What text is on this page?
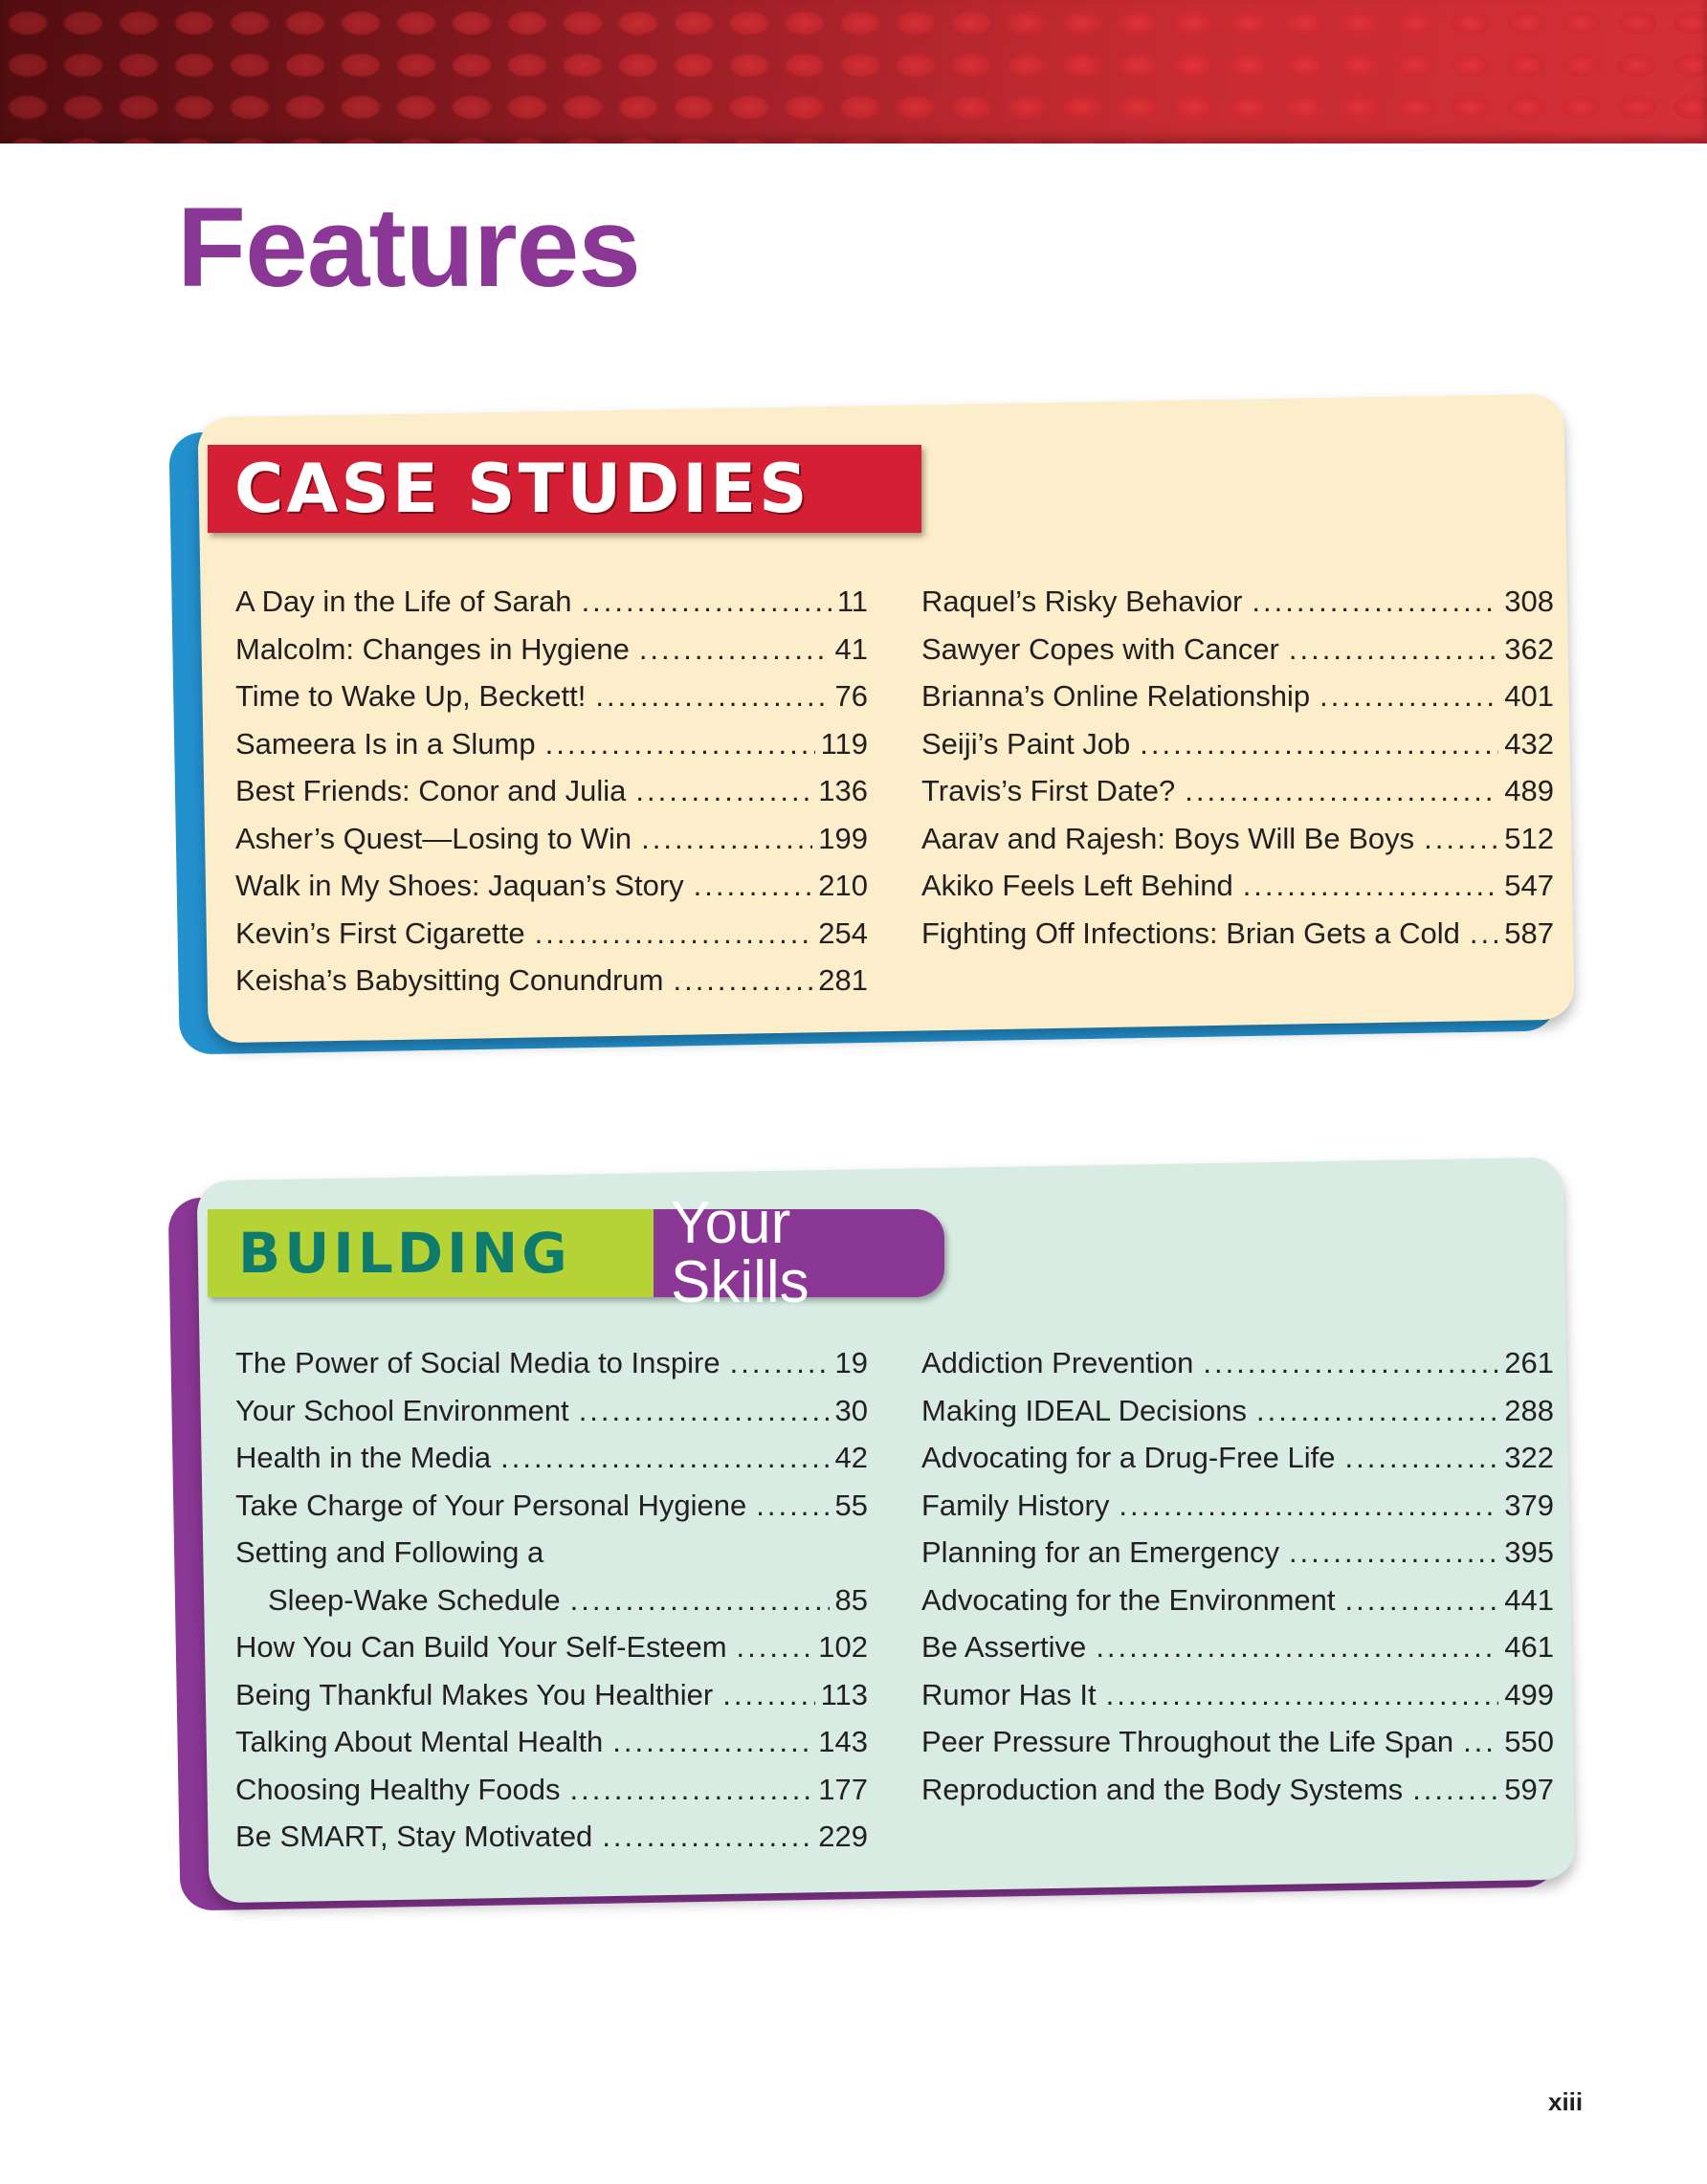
Features
CASE STUDIES
A Day in the Life of Sarah .....	11
Malcolm: Changes in Hygiene .....	41
Time to Wake Up, Beckett! .....	76
Sameera Is in a Slump .....	119
Best Friends: Conor and Julia .....	136
Asher’s Quest—Losing to Win .....	199
Walk in My Shoes: Jaquan’s Story .....	210
Kevin’s First Cigarette .....	254
Keisha’s Babysitting Conundrum .....	281
Raquel’s Risky Behavior .....	308
Sawyer Copes with Cancer .....	362
Brianna’s Online Relationship .....	401
Seiji’s Paint Job .....	432
Travis’s First Date? .....	489
Aarav and Rajesh: Boys Will Be Boys .....	512
Akiko Feels Left Behind .....	547
Fighting Off Infections: Brian Gets a Cold ..... 587
BUILDING Your Skills
The Power of Social Media to Inspire .....	19
Your School Environment .....	30
Health in the Media .....	42
Take Charge of Your Personal Hygiene .....	55
Setting and Following a
Sleep-Wake Schedule .....	85
How You Can Build Your Self-Esteem .....	102
Being Thankful Makes You Healthier .....	113
Talking About Mental Health .....	143
Choosing Healthy Foods .....	177
Be SMART, Stay Motivated .....	229
Addiction Prevention .....	261
Making IDEAL Decisions .....	288
Advocating for a Drug-Free Life .....	322
Family History .....	379
Planning for an Emergency .....	395
Advocating for the Environment .....	441
Be Assertive .....	461
Rumor Has It .....	499
Peer Pressure Throughout the Life Span ..... 550
Reproduction and the Body Systems .....	597
xiii
